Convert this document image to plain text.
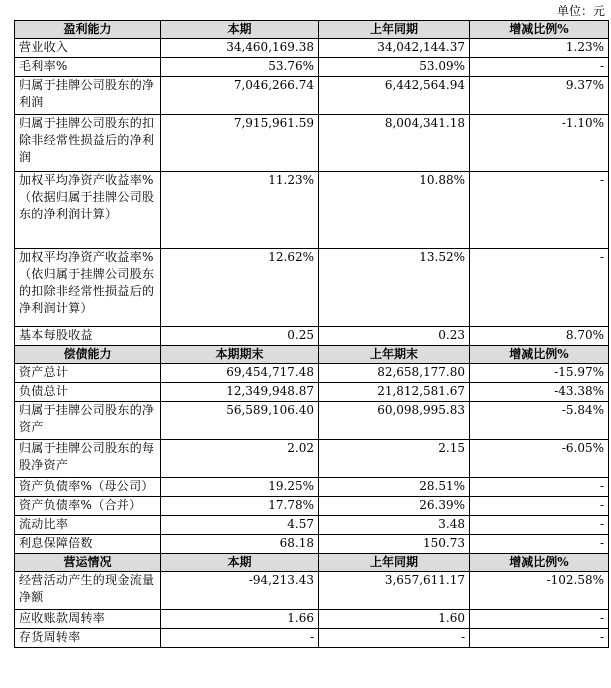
单位：元
盈利能力	本期	上年同期	增减比例%
营业收入	34,460,169.38	34,042,144.37	1.23%
毛利率%	53.76%	53.09%	-
归属于挂牌公司股东的净利润	7,046,266.74	6,442,564.94	9.37%
归属于挂牌公司股东的扣除非经常性损益后的净利润	7,915,961.59	8,004,341.18	-1.10%
加权平均净资产收益率%（依据归属于挂牌公司股东的净利润计算）	11.23%	10.88%	-
加权平均净资产收益率%（依归属于挂牌公司股东的扣除非经常性损益后的净利润计算）	12.62%	13.52%	-
基本每股收益	0.25	0.23	8.70%
偿债能力	本期期末	上年期末	增减比例%
资产总计	69,454,717.48	82,658,177.80	-15.97%
负债总计	12,349,948.87	21,812,581.67	-43.38%
归属于挂牌公司股东的净资产	56,589,106.40	60,098,995.83	-5.84%
归属于挂牌公司股东的每股净资产	2.02	2.15	-6.05%
资产负债率%（母公司）	19.25%	28.51%	-
资产负债率%（合并）	17.78%	26.39%	-
流动比率	4.57	3.48	-
利息保障倍数	68.18	150.73	-
营运情况	本期	上年同期	增减比例%
经营活动产生的现金流量净额	-94,213.43	3,657,611.17	-102.58%
应收账款周转率	1.66	1.60	-
存货周转率	-	-	-
